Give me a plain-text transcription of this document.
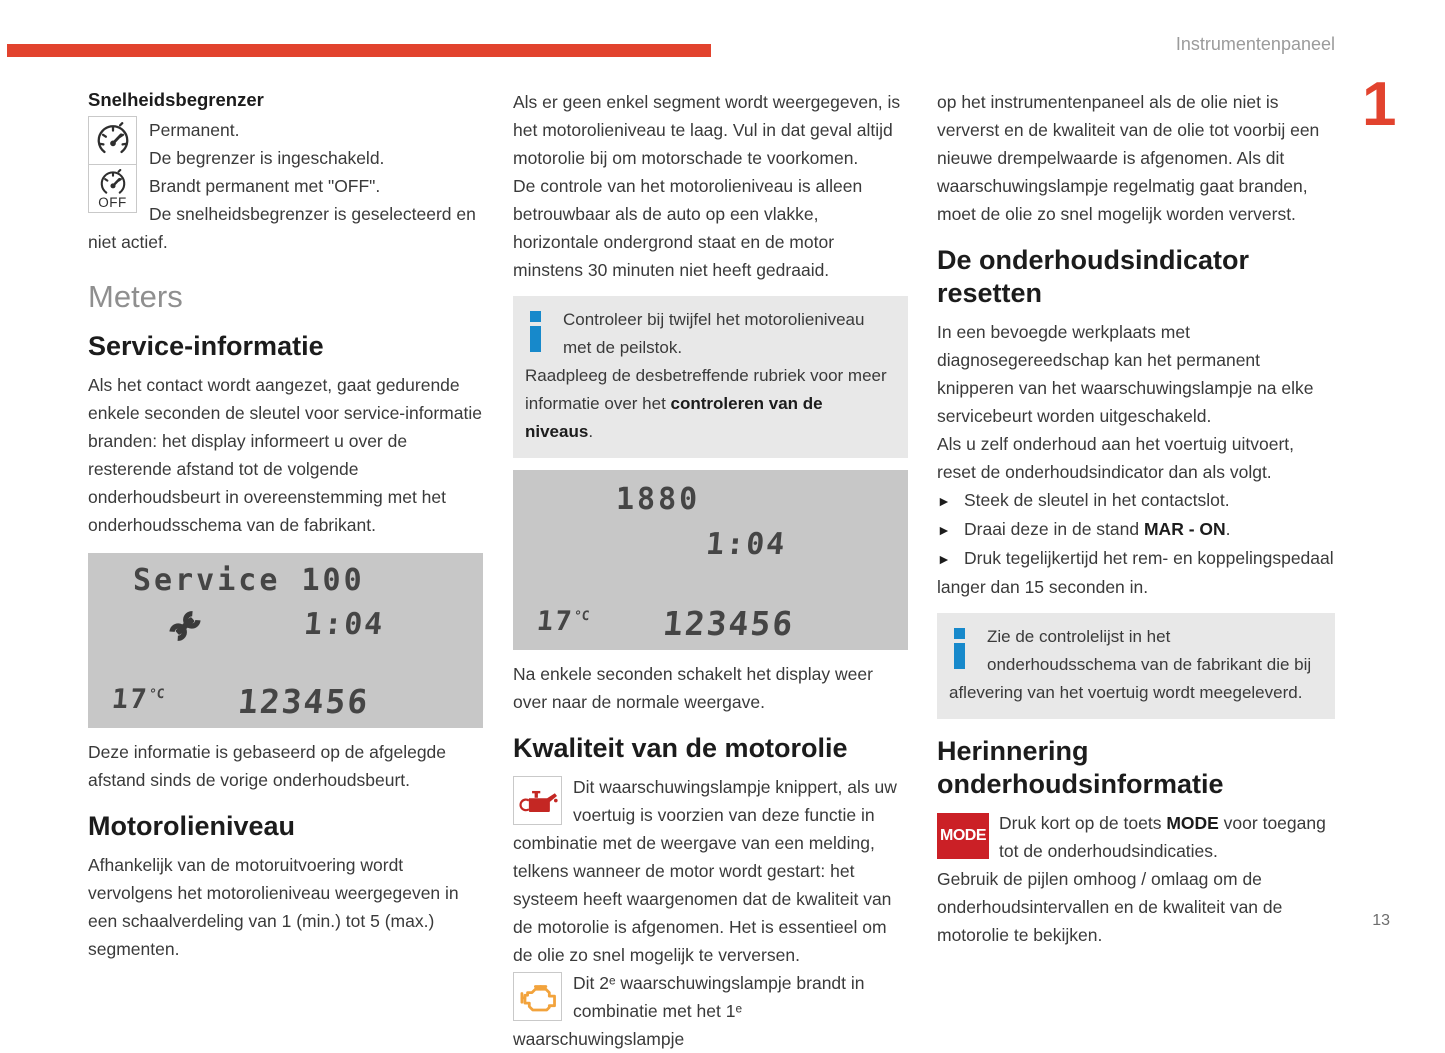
Instrumentenpaneel
1
Snelheidsbegrenzer
OFF

Permanent.

De begrenzer is ingeschakeld.

Brandt permanent met "OFF".

De snelheidsbegrenzer is geselecteerd en niet actief.

Meters
Service-informatie

Als het contact wordt aangezet, gaat gedurende enkele seconden de sleutel voor service-informatie branden: het display informeert u over de resterende afstand tot de volgende onderhoudsbeurt in overeenstemming met het onderhoudsschema van de fabrikant.

Service 100
1:04
$17^{^\circ C}$ 123456

Deze informatie is gebaseerd op de afgelegde afstand sinds de vorige onderhoudsbeurt.

Motorolieniveau

Afhankelijk van de motoruitvoering wordt vervolgens het motorolieniveau weergegeven in een schaalverdeling van 1 (min.) tot 5 (max.) segmenten.

Als er geen enkel segment wordt weergegeven, is het motorolieniveau te laag. Vul in dat geval altijd motorolie bij om motorschade te voorkomen.

De controle van het motorolieniveau is alleen betrouwbaar als de auto op een vlakke, horizontale ondergrond staat en de motor minstens 30 minuten niet heeft gedraaid.

Controleer bij twijfel het motorolieniveau met de peilstok.

Raadpleeg de desbetreffende rubriek voor meer informatie over het controleren van de niveaus.

1880
1:04
$17^{^\circ C}$ 123456

Na enkele seconden schakelt het display weer over naar de normale weergave.

Kwaliteit van de motorolie

Dit waarschuwingslampje knippert, als uw voertuig is voorzien van deze functie in combinatie met de weergave van een melding, telkens wanneer de motor wordt gestart: het systeem heeft waargenomen dat de kwaliteit van de motorolie is afgenomen. Het is essentieel om de olie zo snel mogelijk te verversen.

Dit 2ᵉ waarschuwingslampje brandt in combinatie met het 1ᵉ waarschuwingslampje

op het instrumentenpaneel als de olie niet is ververst en de kwaliteit van de olie tot voorbij een nieuwe drempelwaarde is afgenomen. Als dit waarschuwingslampje regelmatig gaat branden, moet de olie zo snel mogelijk worden ververst.

De onderhoudsindicator resetten

In een bevoegde werkplaats met diagnosegereedschap kan het permanent knipperen van het waarschuwingslampje na elke servicebeurt worden uitgeschakeld.

Als u zelf onderhoud aan het voertuig uitvoert, reset de onderhoudsindicator dan als volgt.

► Steek de sleutel in het contactslot.

► Draai deze in de stand MAR - ON.

► Druk tegelijkertijd het rem- en koppelingspedaal langer dan 15 seconden in.

Zie de controlelijst in het onderhoudsschema van de fabrikant die bij aflevering van het voertuig wordt meegeleverd.

Herinnering onderhoudsinformatie
MODE

Druk kort op de toets MODE voor toegang tot de onderhoudsindicaties.

Gebruik de pijlen omhoog / omlaag om de onderhoudsintervallen en de kwaliteit van de motorolie te bekijken.

13
